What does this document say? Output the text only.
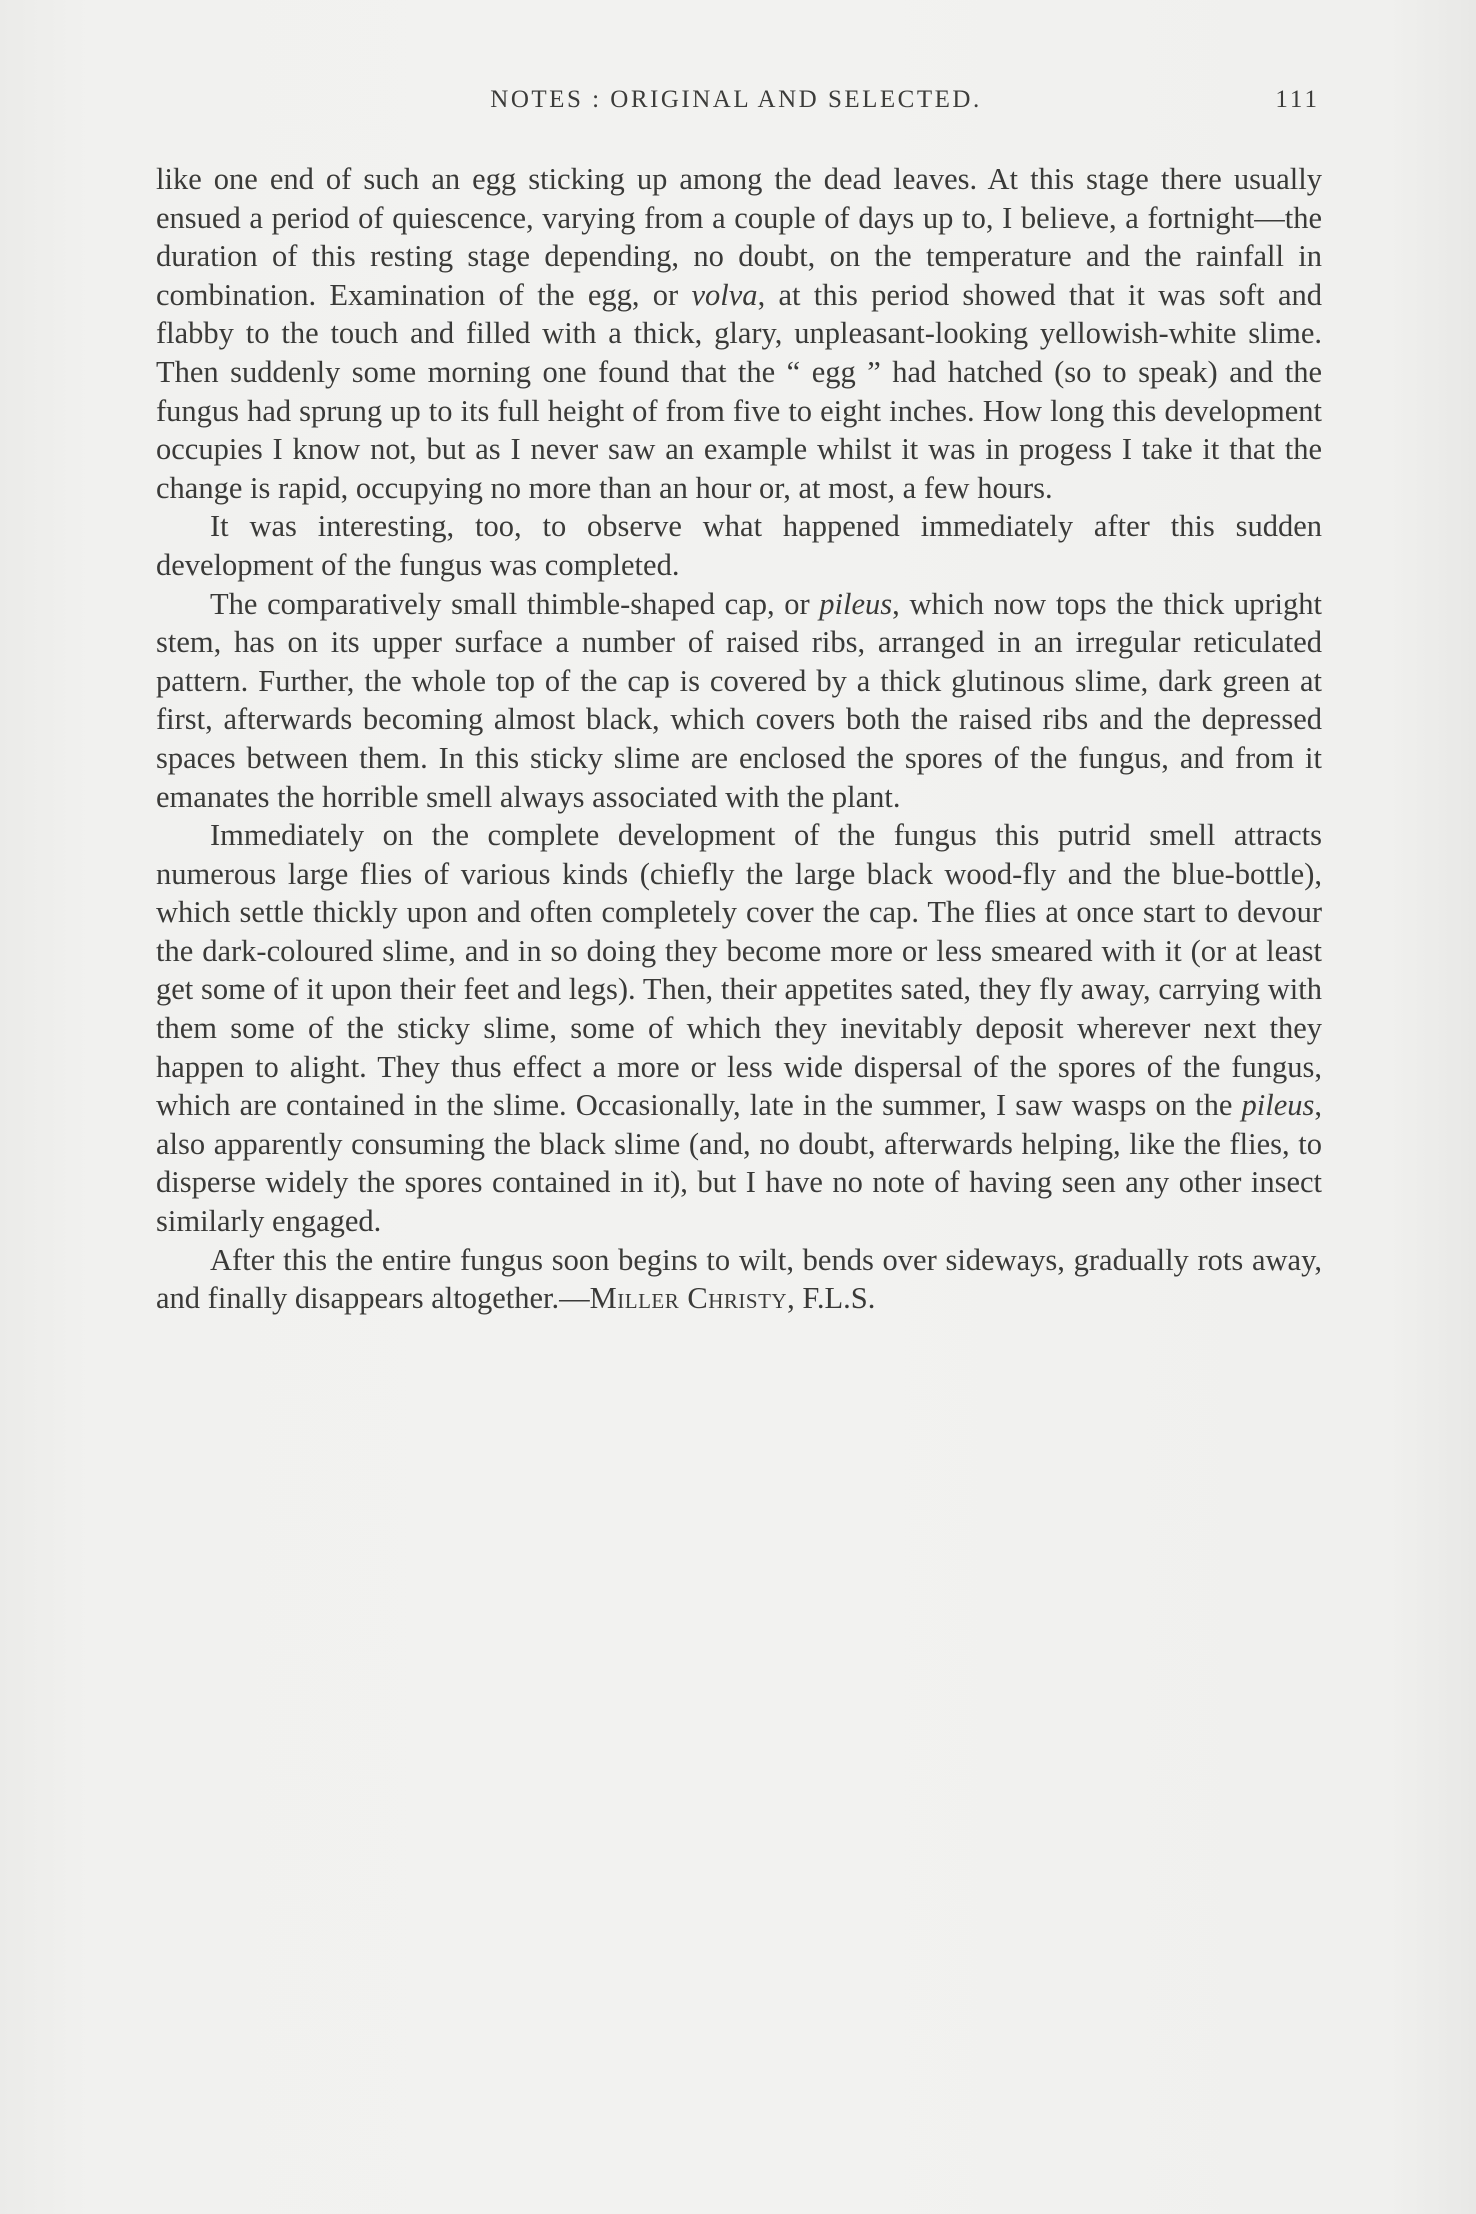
NOTES : ORIGINAL AND SELECTED.	111

like one end of such an egg sticking up among the dead leaves. At this stage there usually ensued a period of quiescence, varying from a couple of days up to, I believe, a fortnight—the duration of this resting stage depending, no doubt, on the temperature and the rainfall in combination. Examination of the egg, or volva, at this period showed that it was soft and flabby to the touch and filled with a thick, glary, unpleasant-looking yellowish-white slime. Then suddenly some morning one found that the “ egg ” had hatched (so to speak) and the fungus had sprung up to its full height of from five to eight inches. How long this development occupies I know not, but as I never saw an example whilst it was in progess I take it that the change is rapid, occupying no more than an hour or, at most, a few hours.

It was interesting, too, to observe what happened immediately after this sudden development of the fungus was completed.

The comparatively small thimble-shaped cap, or pileus, which now tops the thick upright stem, has on its upper surface a number of raised ribs, arranged in an irregular reticulated pattern. Further, the whole top of the cap is covered by a thick glutinous slime, dark green at first, afterwards becoming almost black, which covers both the raised ribs and the depressed spaces between them. In this sticky slime are enclosed the spores of the fungus, and from it emanates the horrible smell always associated with the plant.

Immediately on the complete development of the fungus this putrid smell attracts numerous large flies of various kinds (chiefly the large black wood-fly and the blue-bottle), which settle thickly upon and often completely cover the cap. The flies at once start to devour the dark-coloured slime, and in so doing they become more or less smeared with it (or at least get some of it upon their feet and legs). Then, their appetites sated, they fly away, carrying with them some of the sticky slime, some of which they inevitably deposit wherever next they happen to alight. They thus effect a more or less wide dispersal of the spores of the fungus, which are contained in the slime. Occasionally, late in the summer, I saw wasps on the pileus, also apparently consuming the black slime (and, no doubt, afterwards helping, like the flies, to disperse widely the spores contained in it), but I have no note of having seen any other insect similarly engaged.

After this the entire fungus soon begins to wilt, bends over sideways, gradually rots away, and finally disappears altogether.—Miller Christy, F.L.S.
